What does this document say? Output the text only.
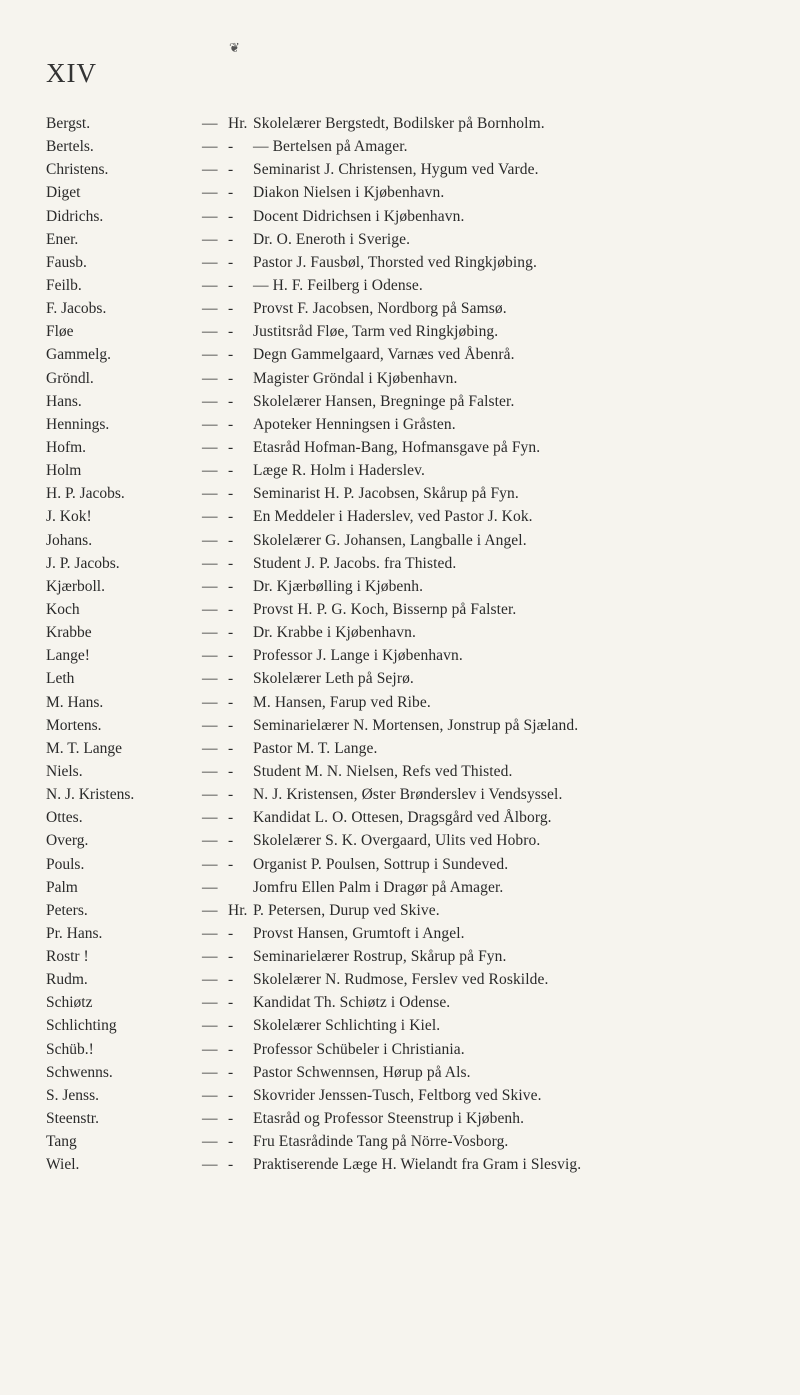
❦
XIV
Bergst.	— Hr. Skolelærer Bergstedt, Bodilsker på Bornholm.
Bertels.	— -	— Bertelsen på Amager.
Christens.	— -	Seminarist J. Christensen, Hygum ved Varde.
Diget	— -	Diakon Nielsen i Kjøbenhavn.
Didrichs.	— -	Docent Didrichsen i Kjøbenhavn.
Ener.	— -	Dr. O. Eneroth i Sverige.
Fausb.	— -	Pastor J. Fausbøl, Thorsted ved Ringkjøbing.
Feilb.	— -	— H. F. Feilberg i Odense.
F. Jacobs.	— -	Provst F. Jacobsen, Nordborg på Samsø.
Fløe	— -	Justitsråd Fløe, Tarm ved Ringkjøbing.
Gammelg.	— -	Degn Gammelgaard, Varnæs ved Åbenrå.
Gröndl.	— -	Magister Gröndal i Kjøbenhavn.
Hans.	— -	Skolelærer Hansen, Bregninge på Falster.
Hennings.	— -	Apoteker Henningsen i Gråsten.
Hofm.	— -	Etasråd Hofman-Bang, Hofmansgave på Fyn.
Holm	— -	Læge R. Holm i Haderslev.
H. P. Jacobs.	— -	Seminarist H. P. Jacobsen, Skårup på Fyn.
J. Kok!	— -	En Meddeler i Haderslev, ved Pastor J. Kok.
Johans.	— -	Skolelærer G. Johansen, Langballe i Angel.
J. P. Jacobs.	— -	Student J. P. Jacobs. fra Thisted.
Kjærboll.	— -	Dr. Kjærbølling i Kjøbenh.
Koch	— -	Provst H. P. G. Koch, Bissernp på Falster.
Krabbe	— -	Dr. Krabbe i Kjøbenhavn.
Lange!	— -	Professor J. Lange i Kjøbenhavn.
Leth	— -	Skolelærer Leth på Sejrø.
M. Hans.	— -	M. Hansen, Farup ved Ribe.
Mortens.	— -	Seminarielærer N. Mortensen, Jonstrup på Sjæland.
M. T. Lange	— -	Pastor M. T. Lange.
Niels.	— -	Student M. N. Nielsen, Refs ved Thisted.
N. J. Kristens.	— -	N. J. Kristensen, Øster Brønderslev i Vendsyssel.
Ottes.	— -	Kandidat L. O. Ottesen, Dragsgård ved Ålborg.
Overg.	— -	Skolelærer S. K. Overgaard, Ulits ved Hobro.
Pouls.	— -	Organist P. Poulsen, Sottrup i Sundeved.
Palm	— Jomfru Ellen Palm i Dragør på Amager.
Peters.	— Hr. P. Petersen, Durup ved Skive.
Pr. Hans.	— -	Provst Hansen, Grumtoft i Angel.
Rostr !	— -	Seminarielærer Rostrup, Skårup på Fyn.
Rudm.	— -	Skolelærer N. Rudmose, Ferslev ved Roskilde.
Schiøtz	— -	Kandidat Th. Schiøtz i Odense.
Schlichting	— -	Skolelærer Schlichting i Kiel.
Schüb.!	— -	Professor Schübeler i Christiania.
Schwenns.	— -	Pastor Schwennsen, Hørup på Als.
S. Jenss.	— -	Skovrider Jenssen-Tusch, Feltborg ved Skive.
Steenstr.	— -	Etasråd og Professor Steenstrup i Kjøbenh.
Tang	— -	Fru Etasrådinde Tang på Nörre-Vosborg.
Wiel.	— -	Praktiserende Læge H. Wielandt fra Gram i Slesvig.
